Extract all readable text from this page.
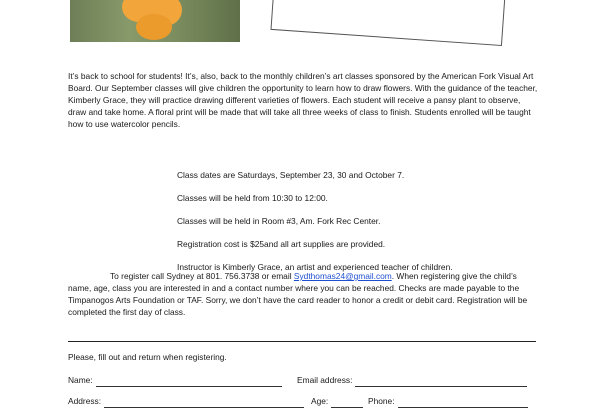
It’s back to school for students! It’s, also, back to the monthly children’s art classes sponsored by the American Fork Visual Art Board. Our September classes will give children the opportunity to learn how to draw flowers. With the guidance of the teacher, Kimberly Grace, they will practice drawing different varieties of flowers. Each student will receive a pansy plant to observe, draw and take home. A floral print will be made that will take all three weeks of class to finish. Students enrolled will be taught how to use watercolor pencils.

Class dates are Saturdays, September 23, 30 and October 7.

Classes will be held from 10:30 to 12:00.

Classes will be held in Room #3, Am. Fork Rec Center.

Registration cost is $25and all art supplies are provided.

Instructor is Kimberly Grace, an artist and experienced teacher of children.

To register call Sydney at 801. 756.3738 or email Sydthomas24@gmail.com. When registering give the child’s name, age, class you are interested in and a contact number where you can be reached. Checks are made payable to the Timpanogos Arts Foundation or TAF. Sorry, we don’t have the card reader to honor a credit or debit card. Registration will be completed the first day of class.

Please, fill out and return when registering.

Name:	Email address:
Address:	Age:	Phone:
